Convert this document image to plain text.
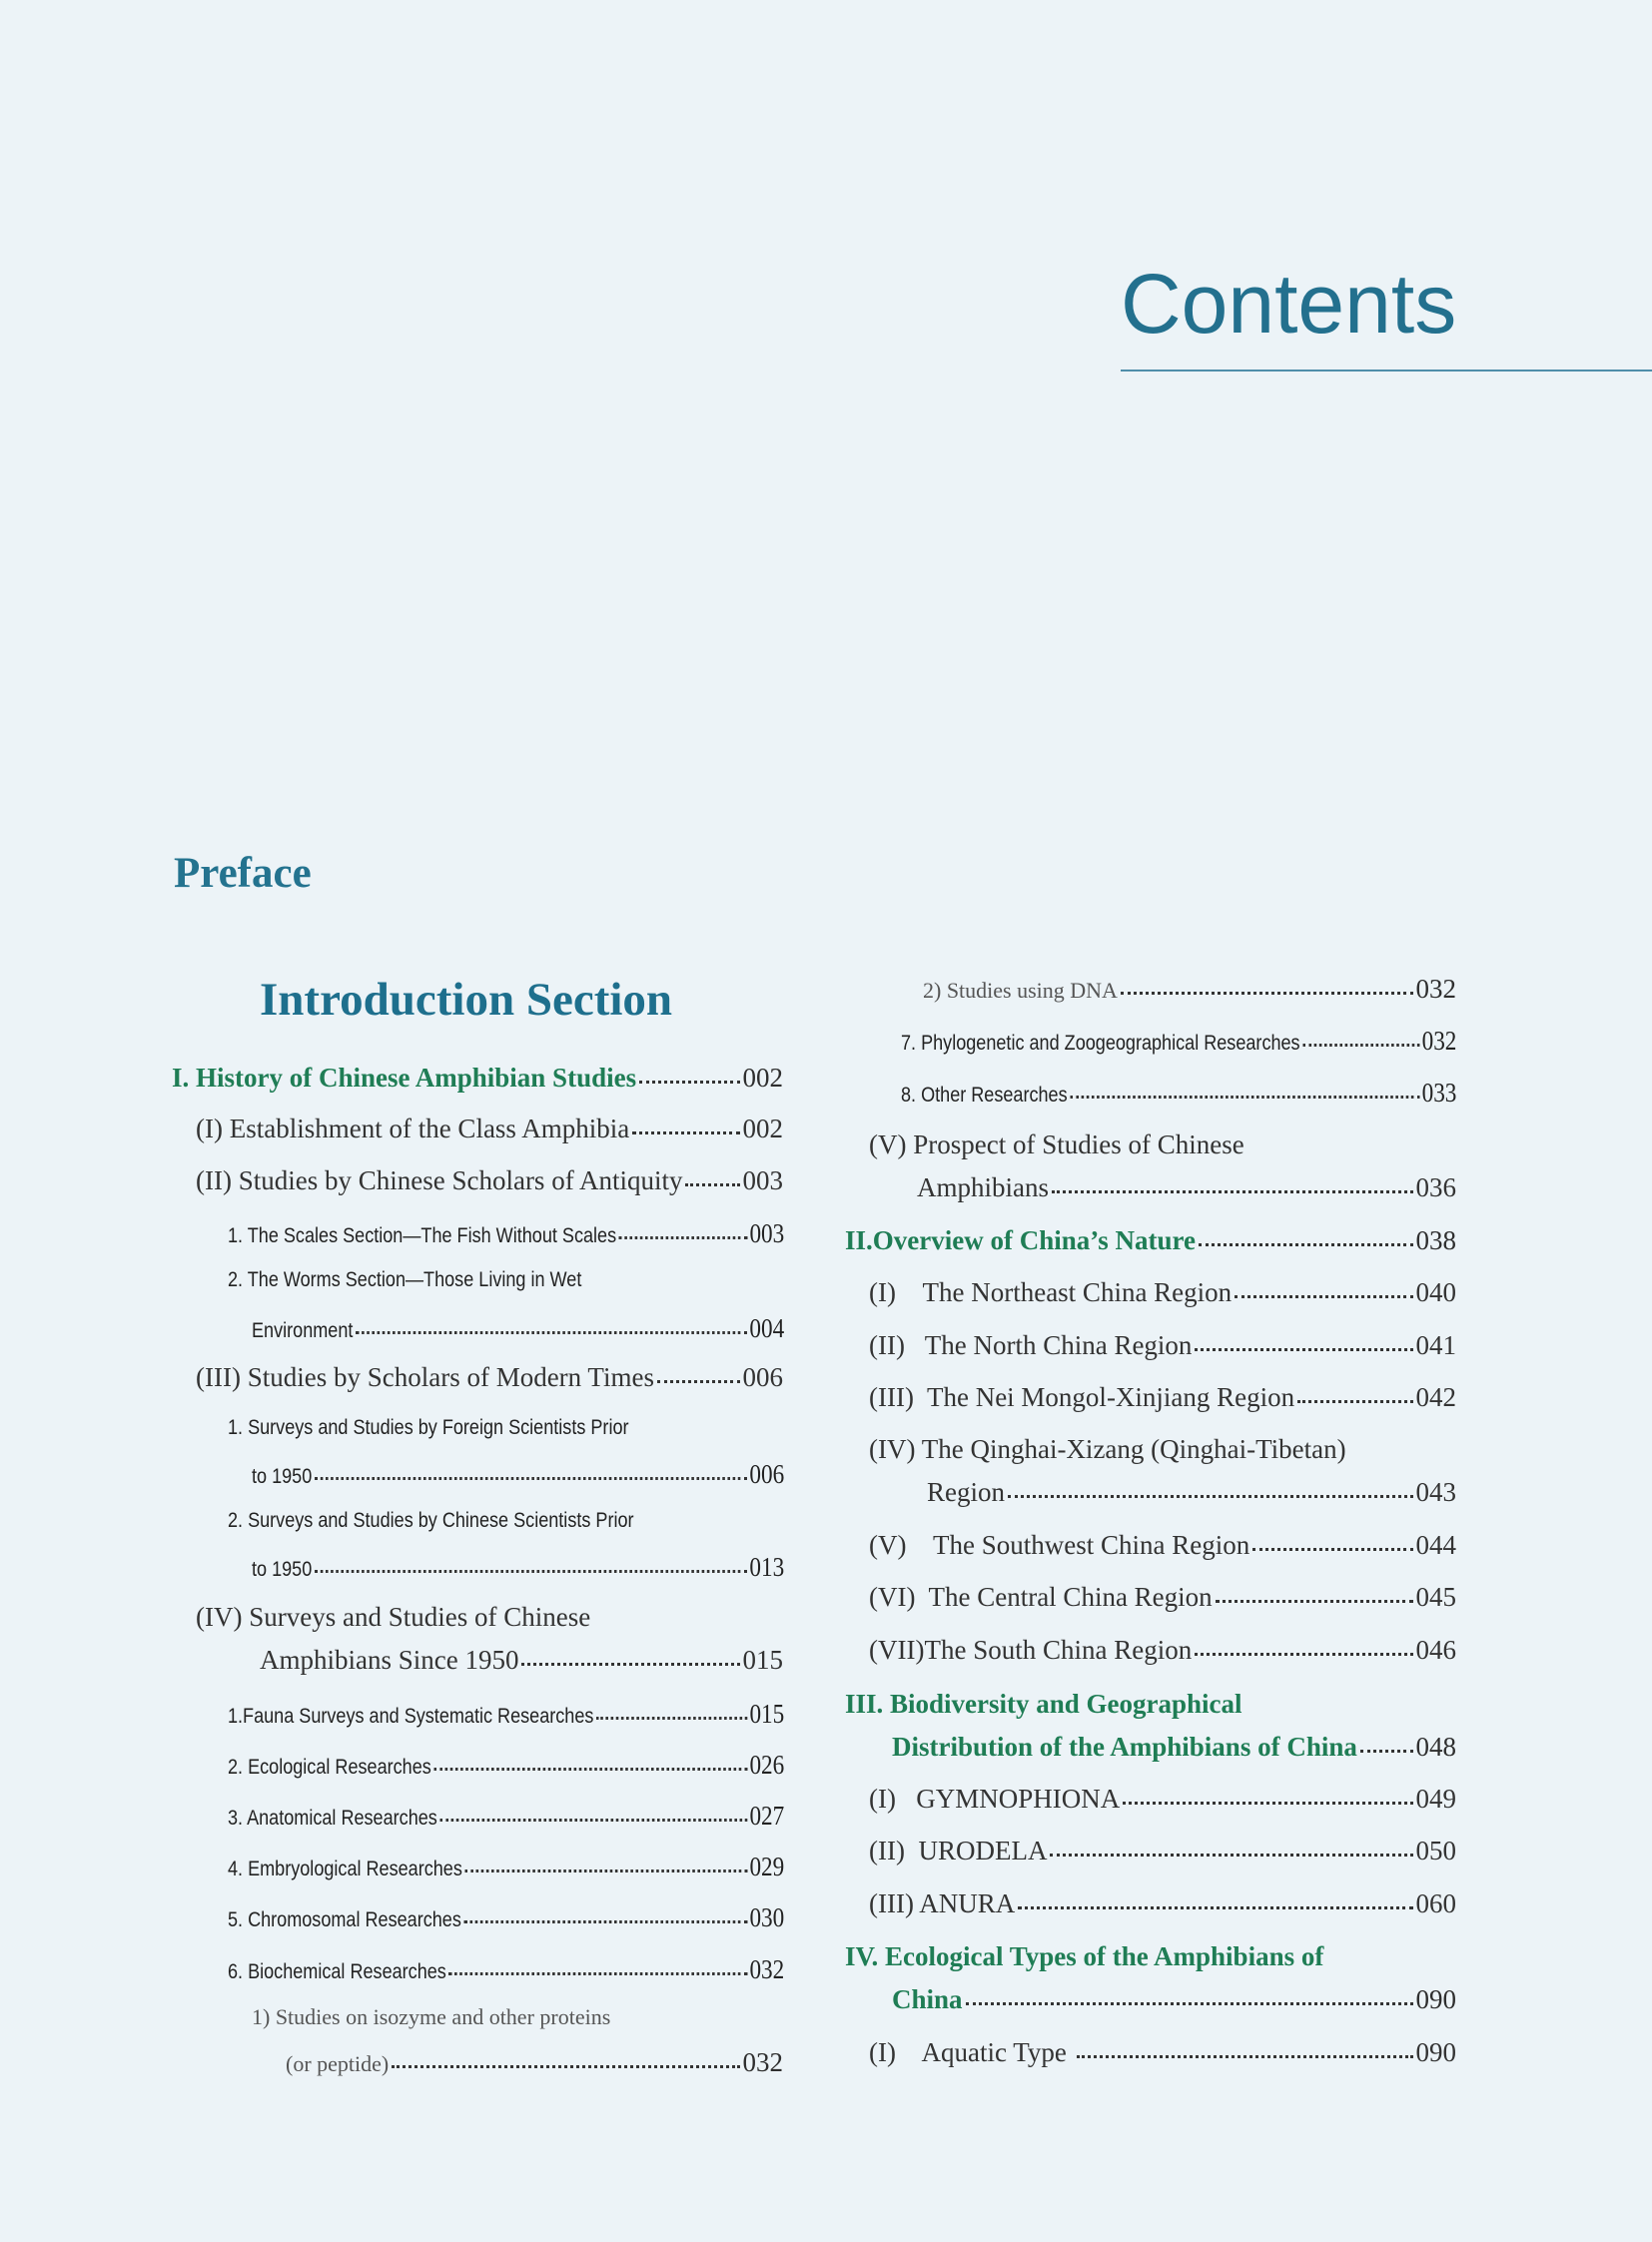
Contents
Preface
Introduction Section
I. History of Chinese Amphibian Studies	002
(I) Establishment of the Class Amphibia	002
(II) Studies by Chinese Scholars of Antiquity 003
1. The Scales Section—The Fish Without Scales	003
2. The Worms Section—Those Living in Wet
Environment	004
(III) Studies by Scholars of Modern Times	006
1. Surveys and Studies by Foreign Scientists Prior
to 1950	006
2. Surveys and Studies by Chinese Scientists Prior
to 1950	013
(IV) Surveys and Studies of Chinese
Amphibians Since 1950	015
1.Fauna Surveys and Systematic Researches	015
2. Ecological Researches	026
3. Anatomical Researches	027
4. Embryological Researches	029
5. Chromosomal Researches	030
6. Biochemical Researches	032
1) Studies on isozyme and other proteins
(or peptide)	032
2) Studies using DNA	032
7. Phylogenetic and Zoogeographical Researches	032
8. Other Researches	033
(V) Prospect of Studies of Chinese
Amphibians	036
II.Overview of China’s Nature	038
(I)    The Northeast China Region	040
(II)   The North China Region	041
(III)  The Nei Mongol-Xinjiang Region	042
(IV) The Qinghai-Xizang (Qinghai-Tibetan)
Region	043
(V)    The Southwest China Region	044
(VI)  The Central China Region	045
(VII)The South China Region	046
III. Biodiversity and Geographical
Distribution of the Amphibians of China 048
(I)   GYMNOPHIONA	049
(II)  URODELA	050
(III) ANURA	060
IV. Ecological Types of the Amphibians of
China	090
(I)    Aquatic Type	090
